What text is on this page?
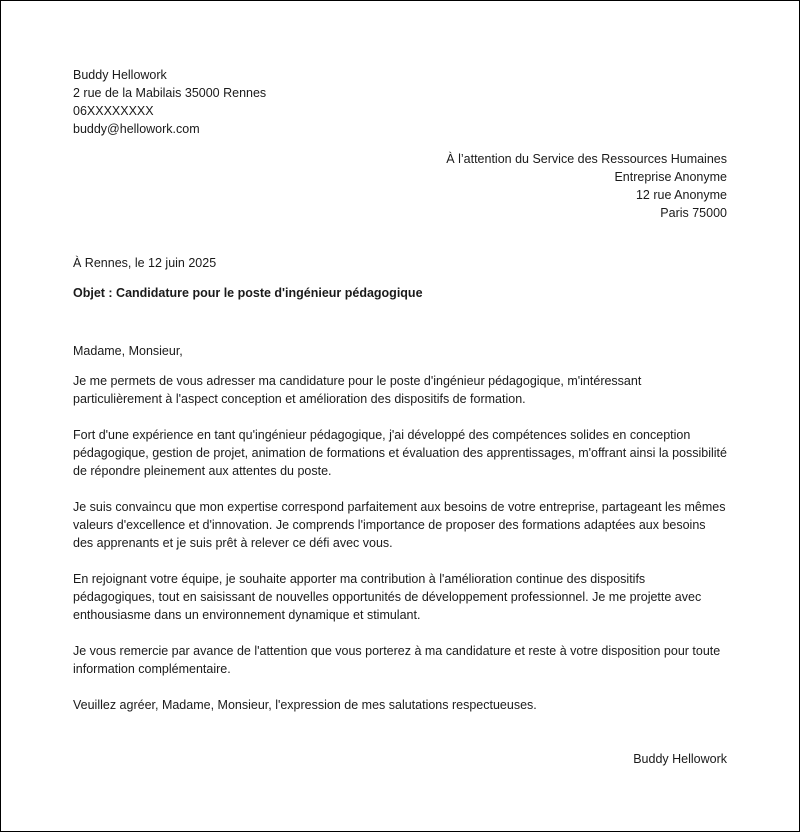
Buddy Hellowork
2 rue de la Mabilais 35000 Rennes
06XXXXXXXX
buddy@hellowork.com
À l’attention du Service des Ressources Humaines
Entreprise Anonyme
12 rue Anonyme
Paris 75000
À Rennes, le 12 juin 2025
Objet : Candidature pour le poste d'ingénieur pédagogique

Madame, Monsieur,

Je me permets de vous adresser ma candidature pour le poste d'ingénieur pédagogique, m'intéressant particulièrement à l'aspect conception et amélioration des dispositifs de formation.

Fort d'une expérience en tant qu'ingénieur pédagogique, j'ai développé des compétences solides en conception pédagogique, gestion de projet, animation de formations et évaluation des apprentissages, m'offrant ainsi la possibilité de répondre pleinement aux attentes du poste.

Je suis convaincu que mon expertise correspond parfaitement aux besoins de votre entreprise, partageant les mêmes valeurs d'excellence et d'innovation. Je comprends l'importance de proposer des formations adaptées aux besoins des apprenants et je suis prêt à relever ce défi avec vous.

En rejoignant votre équipe, je souhaite apporter ma contribution à l'amélioration continue des dispositifs pédagogiques, tout en saisissant de nouvelles opportunités de développement professionnel. Je me projette avec enthousiasme dans un environnement dynamique et stimulant.

Je vous remercie par avance de l'attention que vous porterez à ma candidature et reste à votre disposition pour toute information complémentaire.

Veuillez agréer, Madame, Monsieur, l'expression de mes salutations respectueuses.

Buddy Hellowork
